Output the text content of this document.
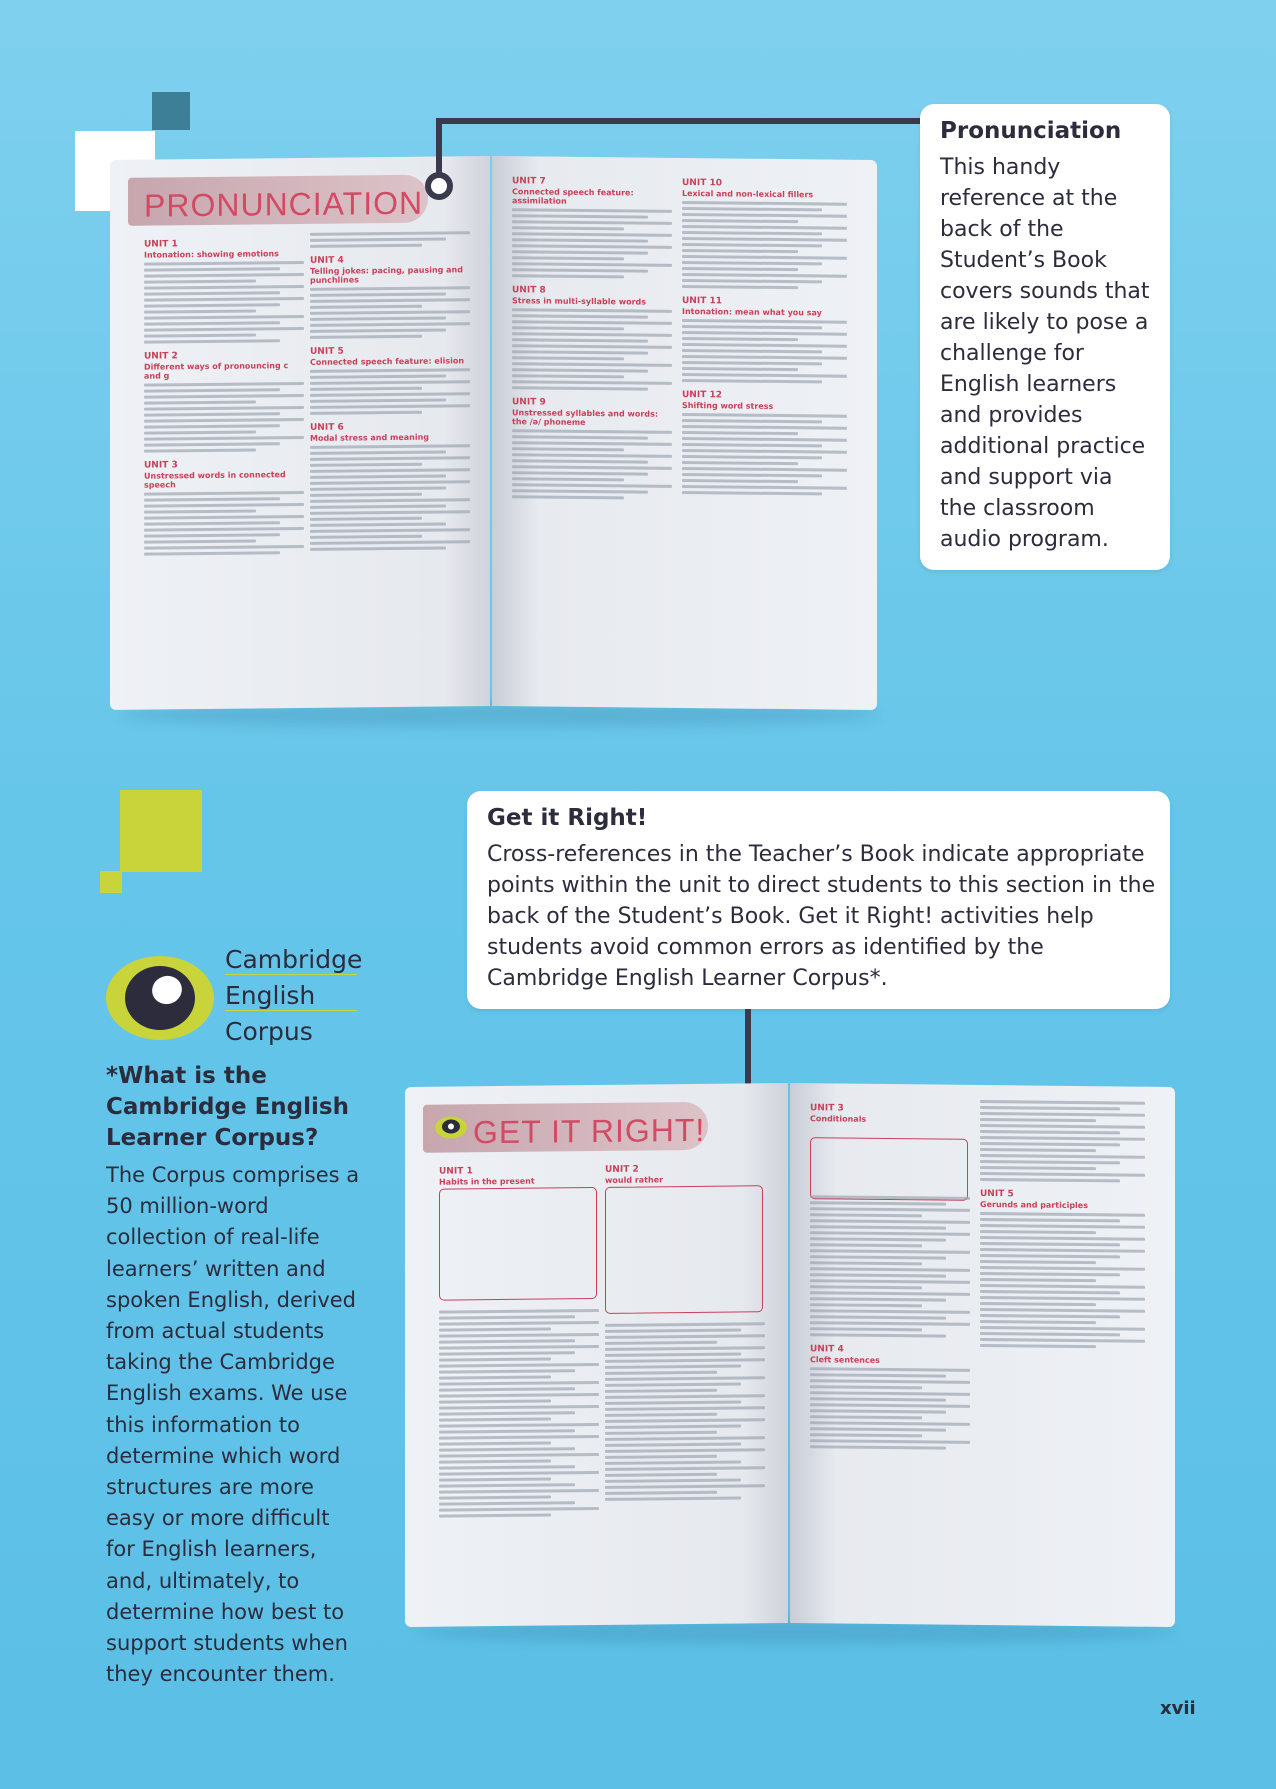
PRONUNCIATION
UNIT 1
Intonation: showing emotions
UNIT 2
Different ways of pronouncing c and g
UNIT 3
Unstressed words in connected speech
UNIT 4
Telling jokes: pacing, pausing and punchlines
UNIT 5
Connected speech feature: elision
UNIT 6
Modal stress and meaning
UNIT 7
Connected speech feature: assimilation
UNIT 8
Stress in multi-syllable words
UNIT 9
Unstressed syllables and words: the /ə/ phoneme
UNIT 10
Lexical and non-lexical fillers
UNIT 11
Intonation: mean what you say
UNIT 12
Shifting word stress
Pronunciation

This handy reference at the back of the Student’s Book covers sounds that are likely to pose a challenge for English learners and provides additional practice and support via the classroom audio program.

Get it Right!

Cross-references in the Teacher’s Book indicate appropriate points within the unit to direct students to this section in the back of the Student’s Book. Get it Right! activities help students avoid common errors as identified by the Cambridge English Learner Corpus*.

GET IT RIGHT!
UNIT 1
Habits in the present
UNIT 2
would rather
UNIT 3
Conditionals
UNIT 4
Cleft sentences
UNIT 5
Gerunds and participles
Cambridge
English
Corpus
*What is the Cambridge English Learner Corpus?
The Corpus comprises a 50 million-word collection of real-life learners’ written and spoken English, derived from actual students taking the Cambridge English exams. We use this information to determine which word structures are more easy or more difficult for English learners, and, ultimately, to determine how best to support students when they encounter them.
xvii
